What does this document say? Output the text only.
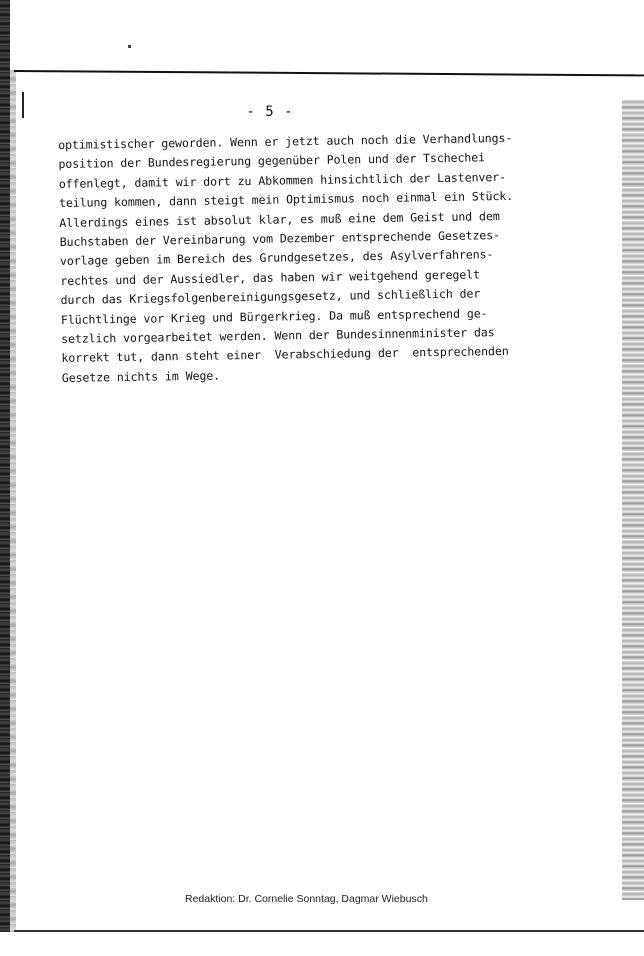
- 5 -
optimistischer geworden. Wenn er jetzt auch noch die Verhandlungs-
position der Bundesregierung gegenüber Polen und der Tschechei
offenlegt, damit wir dort zu Abkommen hinsichtlich der Lastenver-
teilung kommen, dann steigt mein Optimismus noch einmal ein Stück.
Allerdings eines ist absolut klar, es muß eine dem Geist und dem
Buchstaben der Vereinbarung vom Dezember entsprechende Gesetzes-
vorlage geben im Bereich des Grundgesetzes, des Asylverfahrens-
rechtes und der Aussiedler, das haben wir weitgehend geregelt
durch das Kriegsfolgenbereinigungsgesetz, und schließlich der
Flüchtlinge vor Krieg und Bürgerkrieg. Da muß entsprechend ge-
setzlich vorgearbeitet werden. Wenn der Bundesinnenminister das
korrekt tut, dann steht einer  Verabschiedung der  entsprechenden
Gesetze nichts im Wege.
Redaktion: Dr. Cornelie Sonntag, Dagmar Wiebusch
